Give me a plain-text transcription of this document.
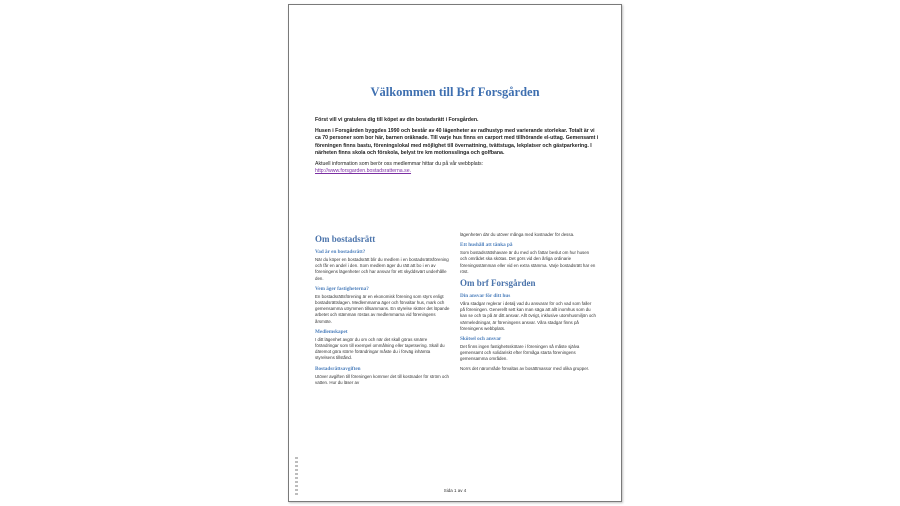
Välkommen till Brf Forsgården

Först vill vi gratulera dig till köpet av din bostadsrätt i Forsgården.

Husen i Forsgården byggdes 1990 och består av 40 lägenheter av radhustyp med varierande storlekar. Totalt är vi ca 70 personer som bor här, barnen oräknade. Till varje hus finns en carport med tillhörande el-uttag. Gemensamt i föreningen finns bastu, föreningslokal med möjlighet till övernattning, tvättstuga, lekplatser och gästparkering. I närheten finns skola och förskola, belyst tre km motionsslinga och golfbana.

Aktuell information som berör oss medlemmar hittar du på vår webbplats:
http://www.forsgarden.bostadsratterna.se.

Om bostadsrätt
Vad är en bostadsrätt?

När du köper en bostadsrätt blir du medlem i en bostadsrättsförening och får en andel i den. Som medlem äger du rätt att bo i en av föreningens lägenheter och har ansvar för ett skyddsvärt underhålle den.

Vem äger fastigheterna?

En bostadsrättsförening är en ekonomisk förening som styrs enligt bostadsrättslagen. Medlemmarna äger och förvaltar hus, mark och gemensamma utrymmen tillsammans. En styrelse sköter det löpande arbetet och stämman röstas av medlemmarna vid föreningens årsmöte.

Medlemskapet

I ditt lägenhet avgör du om och när det skall göras smärre förändringar som till exempel ommålning eller tapetsering. Skall du däremot göra större förändringar måste du i förväg inhämta styrelsens tillstånd.

Bostadsrättsavgiften

Utöver avgiften till föreningen kommer det till kostnader för ström och vatten. Hur du läser av

lägenheten där du utöver många med kostnader för dessa.

Ett hushåll att tänka på

Som bostadsrättshavare är du med och fattar beslut om hur husen och området ska skötas. Det görs vid den årliga ordinarie föreningsstämman eller vid en extra stämma. Varje bostadsrätt har en röst.

Om brf Forsgården
Din ansvar för ditt hus

Våra stadgar reglerar i detalj vad du ansvarar för och vad som faller på föreningen. Generellt sett kan man säga att allt inomhus som du kan se och ta på är ditt ansvar. Allt övrigt, inklusive utomhusmiljön och värmeledningar, är föreningens ansvar. Våra stadgar finns på föreningens webbplats.

Skötsel och ansvar

Det finns ingen fastighetsskötare i föreningen så måste själva gemensamt och solidariskt efter förmåga starta föreningens gemensamma områden.

Norrs det närområde förvaltas av bosättmassor med olika grupper.

Sida 1 av 4
